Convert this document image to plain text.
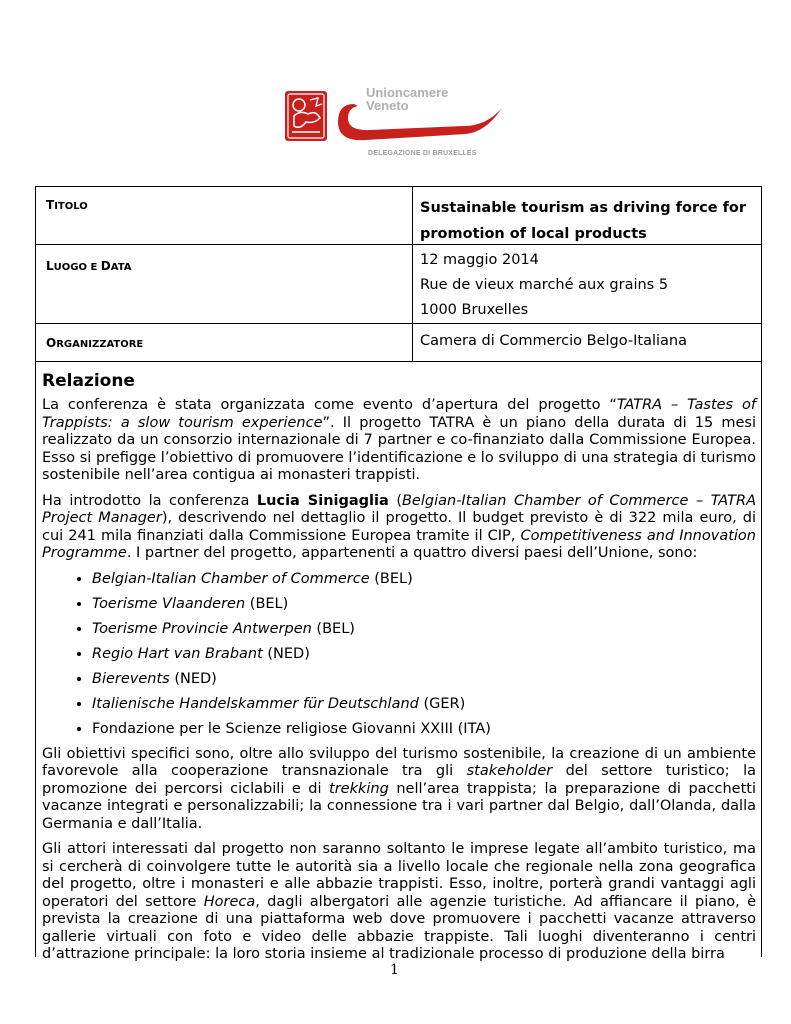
Unioncamere
Veneto
DELEGAZIONE DI BRUXELLES
TITOLO	Sustainable tourism as driving force for
promotion of local products
LUOGO E DATA	12 maggio 2014
Rue de vieux marché aux grains 5
1000 Bruxelles
ORGANIZZATORE	Camera di Commercio Belgo-Italiana
Relazione

La conferenza è stata organizzata come evento d’apertura del progetto “TATRA – Tastes of Trappists: a slow tourism experience”. Il progetto TATRA è un piano della durata di 15 mesi realizzato da un consorzio internazionale di 7 partner e co-finanziato dalla Commissione Europea. Esso si prefigge l’obiettivo di promuovere l’identificazione e lo sviluppo di una strategia di turismo sostenibile nell’area contigua ai monasteri trappisti.

Ha introdotto la conferenza Lucia Sinigaglia (Belgian-Italian Chamber of Commerce – TATRA Project Manager), descrivendo nel dettaglio il progetto. Il budget previsto è di 322 mila euro, di cui 241 mila finanziati dalla Commissione Europea tramite il CIP, Competitiveness and Innovation Programme. I partner del progetto, appartenenti a quattro diversi paesi dell’Unione, sono:

• Belgian-Italian Chamber of Commerce (BEL)
• Toerisme Vlaanderen (BEL)
• Toerisme Provincie Antwerpen (BEL)
• Regio Hart van Brabant (NED)
• Bierevents (NED)
• Italienische Handelskammer für Deutschland (GER)
• Fondazione per le Scienze religiose Giovanni XXIII (ITA)

Gli obiettivi specifici sono, oltre allo sviluppo del turismo sostenibile, la creazione di un ambiente favorevole alla cooperazione transnazionale tra gli stakeholder del settore turistico; la promozione dei percorsi ciclabili e di trekking nell’area trappista; la preparazione di pacchetti vacanze integrati e personalizzabili; la connessione tra i vari partner dal Belgio, dall’Olanda, dalla Germania e dall’Italia.

Gli attori interessati dal progetto non saranno soltanto le imprese legate all’ambito turistico, ma si cercherà di coinvolgere tutte le autorità sia a livello locale che regionale nella zona geografica del progetto, oltre i monasteri e alle abbazie trappisti. Esso, inoltre, porterà grandi vantaggi agli operatori del settore Horeca, dagli albergatori alle agenzie turistiche. Ad affiancare il piano, è prevista la creazione di una piattaforma web dove promuovere i pacchetti vacanze attraverso gallerie virtuali con foto e video delle abbazie trappiste. Tali luoghi diventeranno i centri d’attrazione principale: la loro storia insieme al tradizionale processo di produzione della birra

1
